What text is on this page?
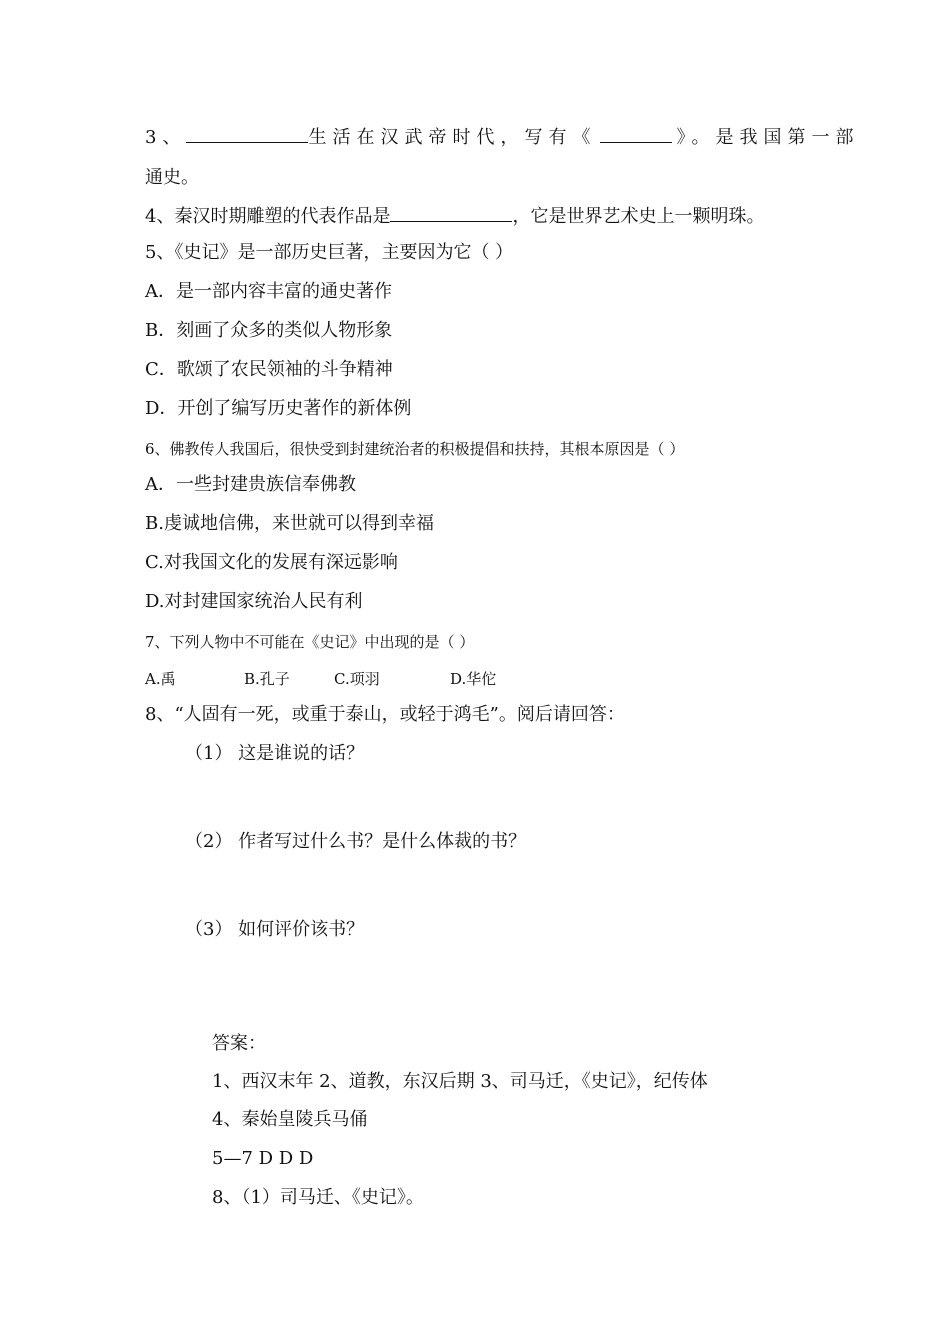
3、	生活在汉武帝时代，写有《	》。是我国第一部
通史。
4、秦汉时期雕塑的代表作品是	，它是世界艺术史上一颗明珠。
5、《史记》是一部历史巨著，主要因为它（ ）
A．是一部内容丰富的通史著作
B．刻画了众多的类似人物形象
C．歌颂了农民领袖的斗争精神
D．开创了编写历史著作的新体例
6、佛教传人我国后，很快受到封建统治者的积极提倡和扶持，其根本原因是（ ）
A．一些封建贵族信奉佛教
B.虔诚地信佛，来世就可以得到幸福
C.对我国文化的发展有深远影响
D.对封建国家统治人民有利
7、下列人物中不可能在《史记》中出现的是（ ）
A.禹	B.孔子	C.项羽	D.华佗
8、“人固有一死，或重于泰山，或轻于鸿毛”。阅后请回答：
（1） 这是谁说的话？
（2） 作者写过什么书？是什么体裁的书？
（3） 如何评价该书？
答案：
1、西汉末年 2、道教，东汉后期 3、司马迁，《史记》，纪传体
4、秦始皇陵兵马俑
5—7 D D D
8、（1）司马迁、《史记》。
